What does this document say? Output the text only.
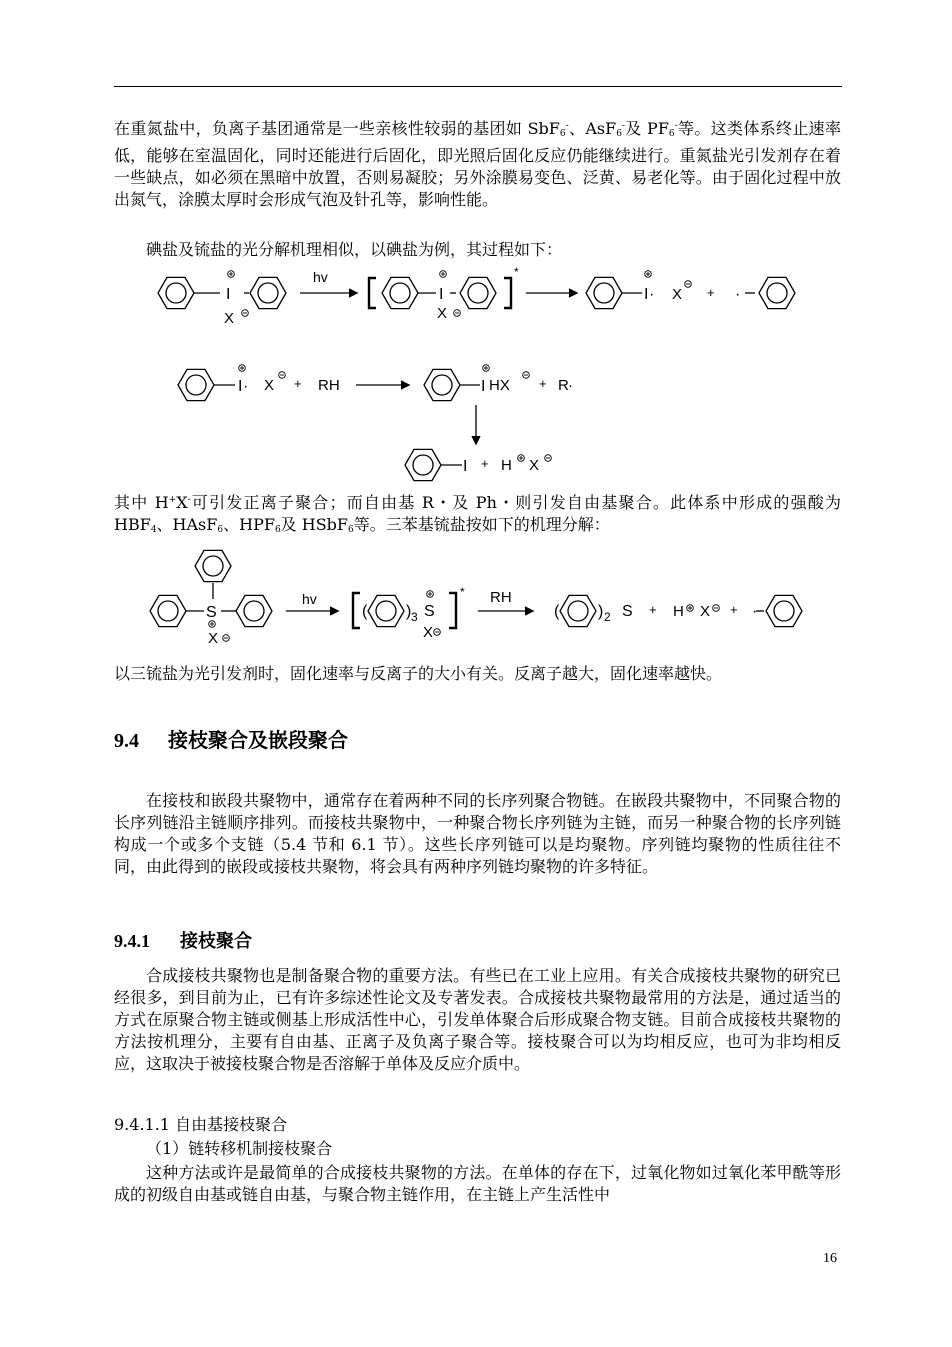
在重氮盐中，负离子基团通常是一些亲核性较弱的基团如 SbF$_6$-、AsF$_6$-及 $PF_6^-$等。这类体系终止速率低，能够在室温固化，同时还能进行后固化，即光照后固化反应仍能继续进行。重氮盐光引发剂存在着一些缺点，如必须在黑暗中放置，否则易凝胶；另外涂膜易变色、泛黄、易老化等。由于固化过程中放出氮气，涂膜太厚时会形成气泡及针孔等，影响性能。

碘盐及锍盐的光分解机理相似，以碘盐为例，其过程如下：

I
X
hv
I
X
*
I · X + ·
I · X + RH	I HX + R ·
I + H X

其中 H+X-可引发正离子聚合；而自由基 R・及 Ph・则引发自由基聚合。此体系中形成的强酸为 $HBF_4$、HAsF$_6$、$HPF_6$及 HSbF$_6$等。三苯基锍盐按如下的机理分解：

S
X
hv
( ) 3 S
X
* RH
( ) 2 S + H X + ·

以三锍盐为光引发剂时，固化速率与反离子的大小有关。反离子越大，固化速率越快。

9.4 接枝聚合及嵌段聚合

在接枝和嵌段共聚物中，通常存在着两种不同的长序列聚合物链。在嵌段共聚物中，不同聚合物的长序列链沿主链顺序排列。而接枝共聚物中，一种聚合物长序列链为主链，而另一种聚合物的长序列链构成一个或多个支链（5.4 节和 6.1 节）。这些长序列链可以是均聚物。序列链均聚物的性质往往不同，由此得到的嵌段或接枝共聚物，将会具有两种序列链均聚物的许多特征。

9.4.1 接枝聚合

合成接枝共聚物也是制备聚合物的重要方法。有些已在工业上应用。有关合成接枝共聚物的研究已经很多，到目前为止，已有许多综述性论文及专著发表。合成接枝共聚物最常用的方法是，通过适当的方式在原聚合物主链或侧基上形成活性中心，引发单体聚合后形成聚合物支链。目前合成接枝共聚物的方法按机理分，主要有自由基、正离子及负离子聚合等。接枝聚合可以为均相反应，也可为非均相反应，这取决于被接枝聚合物是否溶解于单体及反应介质中。

9.4.1.1 自由基接枝聚合

（1）链转移机制接枝聚合

这种方法或许是最简单的合成接枝共聚物的方法。在单体的存在下，过氧化物如过氧化苯甲酰等形成的初级自由基或链自由基，与聚合物主链作用，在主链上产生活性中

16
